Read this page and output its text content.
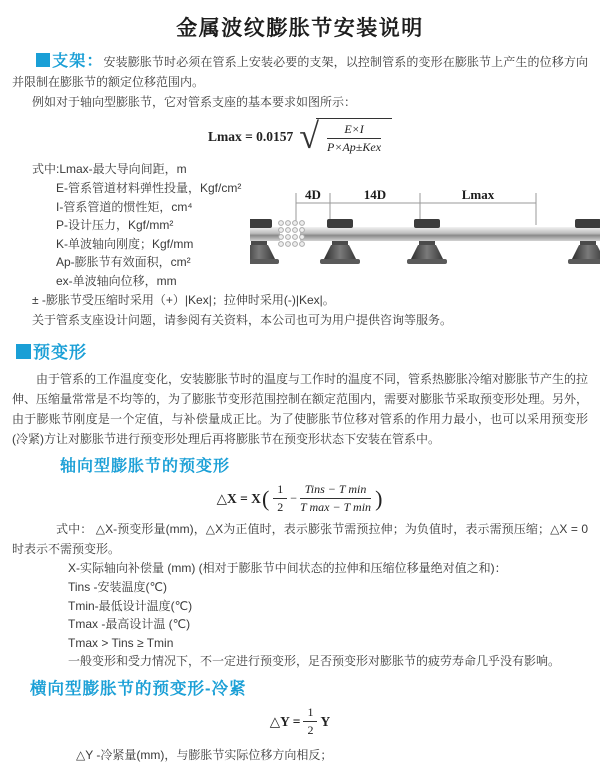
金属波纹膨胀节安装说明

支架：安装膨胀节时必须在管系上安装必要的支架，以控制管系的变形在膨胀节上产生的位移方向并限制在膨胀节的额定位移范围内。

例如对于轴向型膨胀节，它对管系支座的基本要求如图所示：

Lmax = 0.0157 √ $\frac{E\times I}{\text{P×Ap±Kex}}$

式中:Lmax-最大导向间距，m

E-管系管道材料弹性投量，Kgf/cm²
I-管系管道的惯性矩，cm⁴
P-设计压力，Kgf/mm²
K-单波轴向刚度；Kgf/mm
Ap-膨胀节有效面积，cm²
ex-单波轴向位移，mm
4D	14D	Lmax

± -膨胀节受压缩时采用（+）|Kex|；拉伸时采用(-)|Kex|。

关于管系支座设计问题，请参阅有关资料，本公司也可为用户提供咨询等服务。

预变形

由于管系的工作温度变化，安装膨胀节时的温度与工作时的温度不同，管系热膨胀冷缩对膨胀节产生的拉伸、压缩量常常是不均等的，为了膨胀节变形范围控制在额定范围内，需要对膨胀节采取预变形处理。另外，由于膨账节刚度是一个定值，与补偿量成正比。为了使膨胀节位移对管系的作用力最小，也可以采用预变形(冷紧)方让对膨胀节进行预变形处理后再将膨胀节在预变形状态下安装在管系中。

轴向型膨胀节的预变形
△X = X ( $\frac{1}{2} - \frac{\text{Tins − T min}}{\text{T max − T min}}$ )

式中： △X-预变形量(mm)，△X为正值时，表示膨张节需预拉伸；为负值时，表示需预压缩；△X = 0时表示不需预变形。

X-实际轴向补偿量 (mm) (相对于膨胀节中间状态的拉伸和压缩位移量绝对值之和)：

Tins -安装温度(℃)
Tmin-最低设计温度(℃)
Tmax -最高设计温 (℃)
Tmax > Tins ≥ Tmin

一般变形和受力情况下，不一定进行预变形，足否预变形对膨胀节的疲劳寿命几乎没有影响。

横向型膨胀节的预变形-冷紧
△Y = $\frac{1}{2}$ Y

△Y -冷紧量(mm)，与膨胀节实际位移方向相反；
